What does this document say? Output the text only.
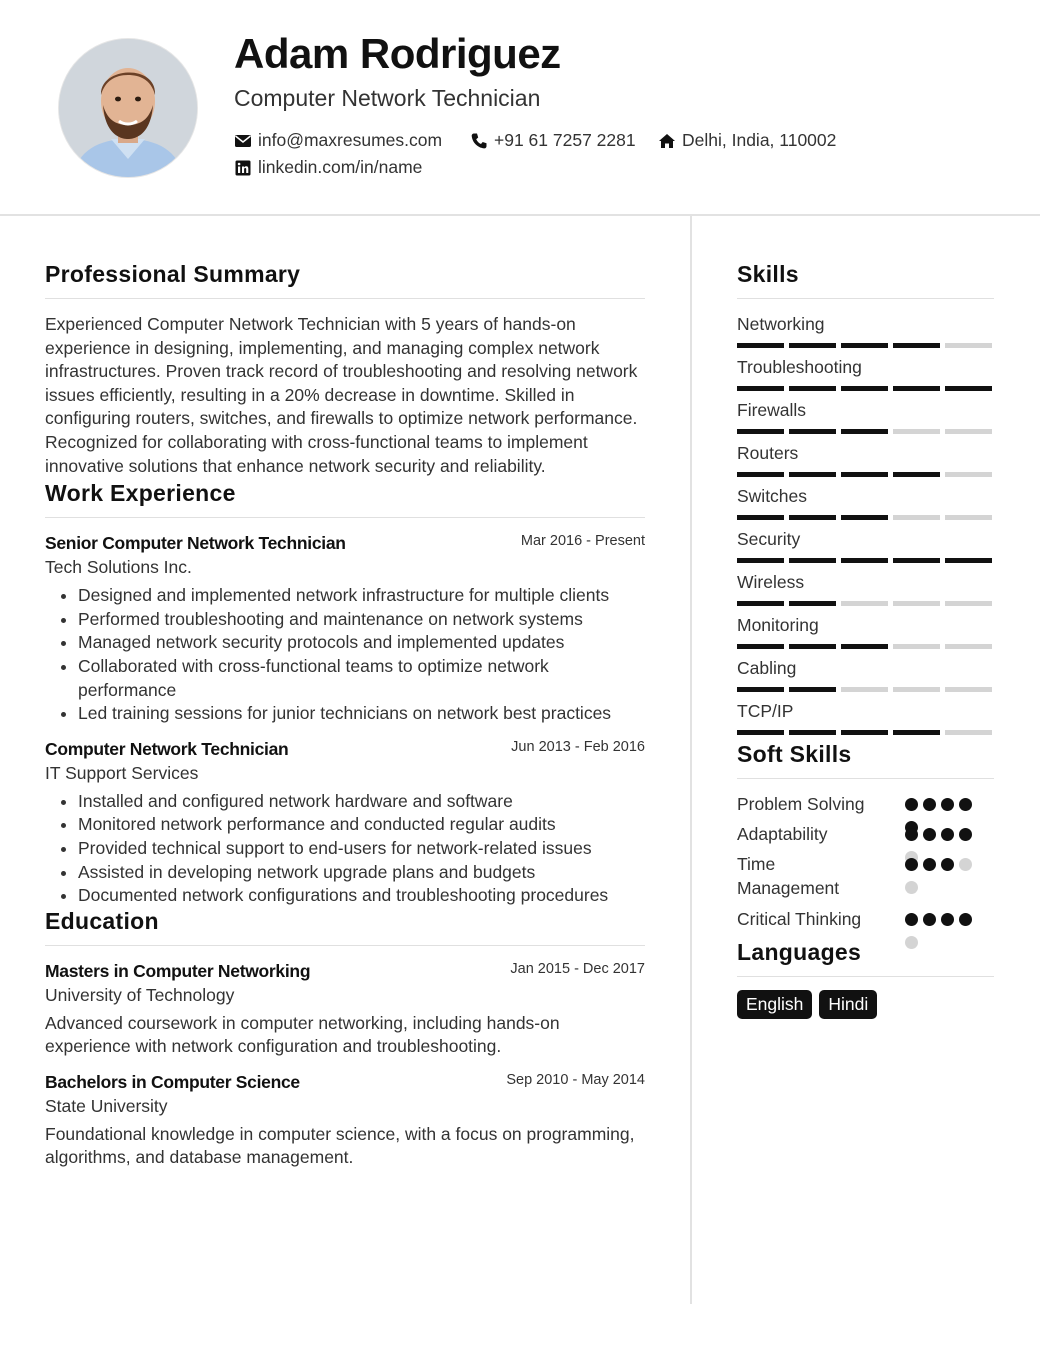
Adam Rodriguez
Computer Network Technician
info@maxresumes.com	+91 61 7257 2281	Delhi, India, 110002
linkedin.com/in/name
Professional Summary

Experienced Computer Network Technician with 5 years of hands-on experience in designing, implementing, and managing complex network infrastructures. Proven track record of troubleshooting and resolving network issues efficiently, resulting in a 20% decrease in downtime. Skilled in configuring routers, switches, and firewalls to optimize network performance. Recognized for collaborating with cross-functional teams to implement innovative solutions that enhance network security and reliability.

Work Experience
Senior Computer Network Technician	Mar 2016 - Present
Tech Solutions Inc.
• Designed and implemented network infrastructure for multiple clients
• Performed troubleshooting and maintenance on network systems
• Managed network security protocols and implemented updates
• Collaborated with cross-functional teams to optimize network performance
• Led training sessions for junior technicians on network best practices
Computer Network Technician	Jun 2013 - Feb 2016
IT Support Services
• Installed and configured network hardware and software
• Monitored network performance and conducted regular audits
• Provided technical support to end-users for network-related issues
• Assisted in developing network upgrade plans and budgets
• Documented network configurations and troubleshooting procedures
Education
Masters in Computer Networking	Jan 2015 - Dec 2017
University of Technology

Advanced coursework in computer networking, including hands-on experience with network configuration and troubleshooting.

Bachelors in Computer Science	Sep 2010 - May 2014
State University

Foundational knowledge in computer science, with a focus on programming, algorithms, and database management.

Skills
Networking
Troubleshooting
Firewalls
Routers
Switches
Security
Wireless
Monitoring
Cabling
TCP/IP
Soft Skills
Problem Solving
Adaptability
Time Management
Critical Thinking
Languages
English	Hindi
